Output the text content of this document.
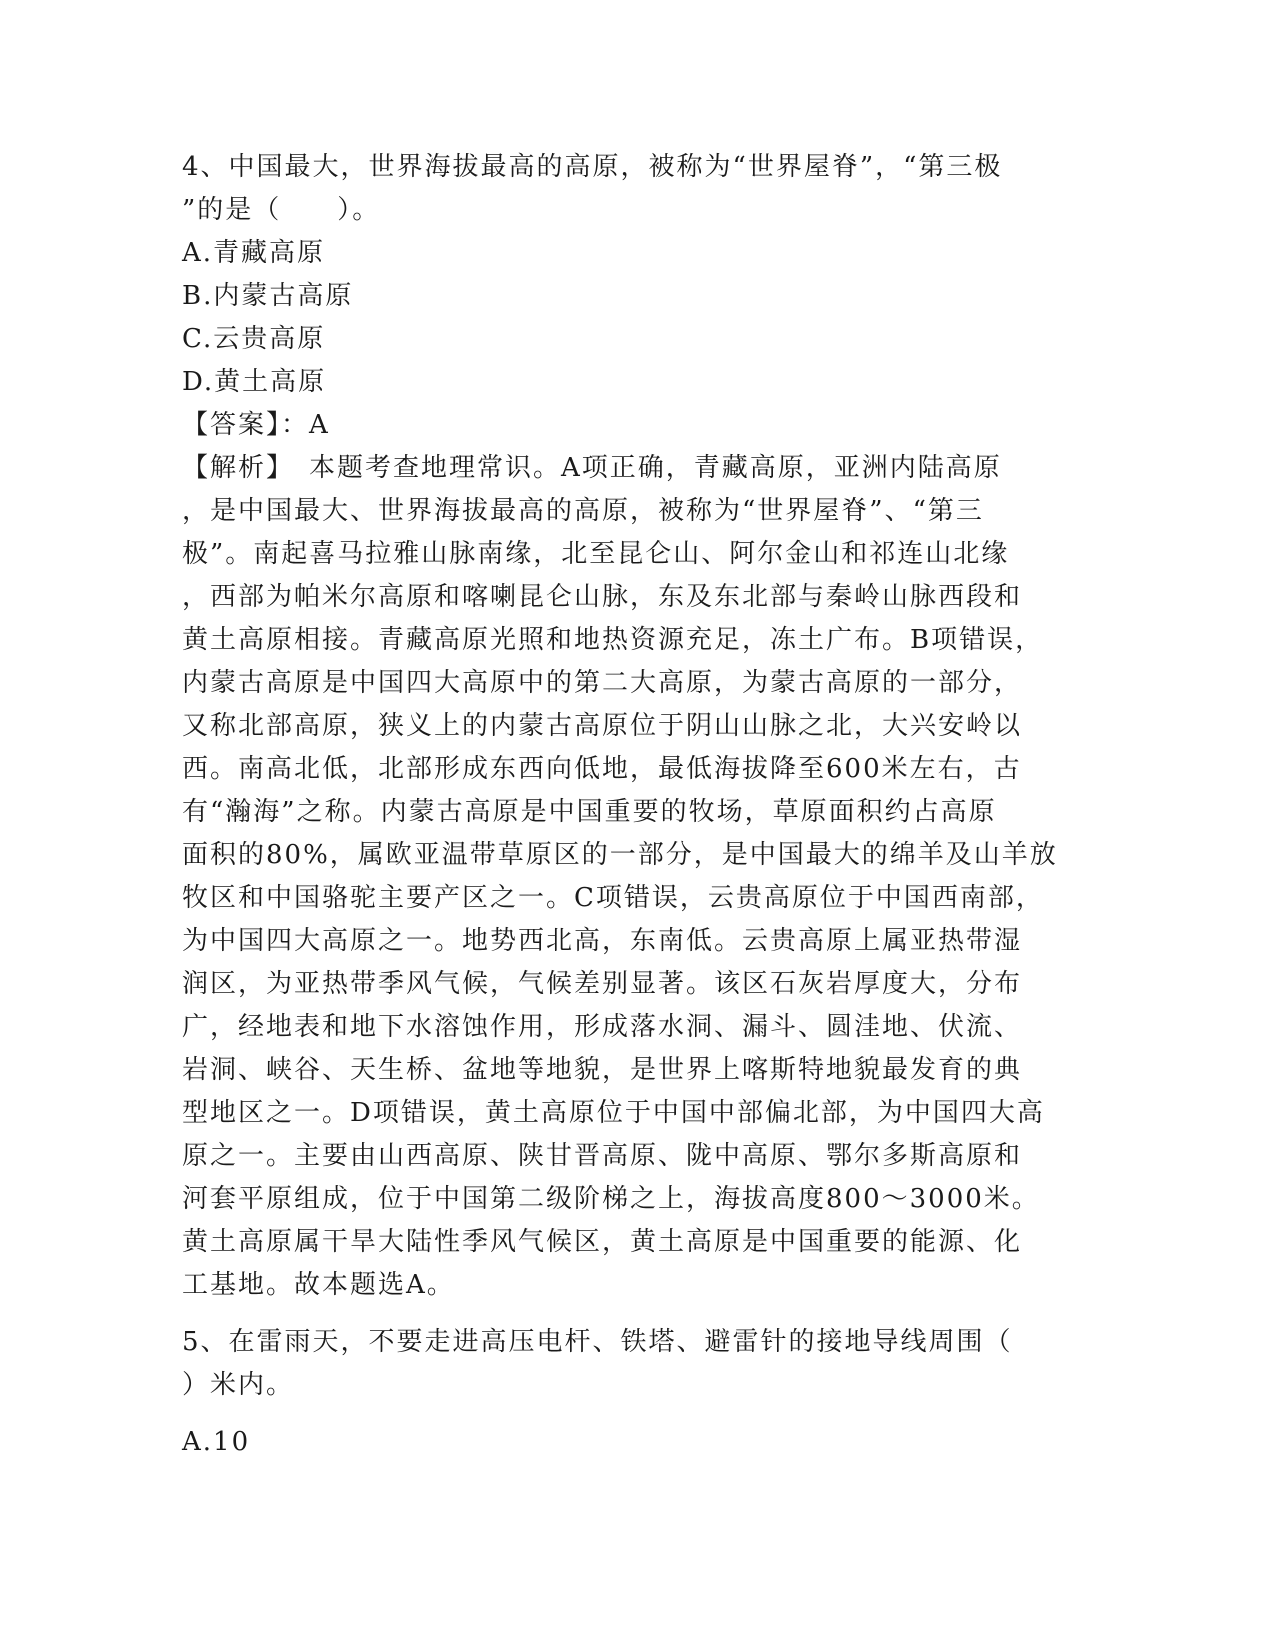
4、中国最大，世界海拔最高的高原，被称为“世界屋脊”，“第三极
”的是（　　）。
A.青藏高原
B.内蒙古高原
C.云贵高原
D.黄土高原
【答案】：A
【解析】　本题考查地理常识。A项正确，青藏高原，亚洲内陆高原
，是中国最大、世界海拔最高的高原，被称为“世界屋脊”、“第三
极”。南起喜马拉雅山脉南缘，北至昆仑山、阿尔金山和祁连山北缘
，西部为帕米尔高原和喀喇昆仑山脉，东及东北部与秦岭山脉西段和
黄土高原相接。青藏高原光照和地热资源充足，冻土广布。B项错误，
内蒙古高原是中国四大高原中的第二大高原，为蒙古高原的一部分，
又称北部高原，狭义上的内蒙古高原位于阴山山脉之北，大兴安岭以
西。南高北低，北部形成东西向低地，最低海拔降至600米左右，古
有“瀚海”之称。内蒙古高原是中国重要的牧场，草原面积约占高原
面积的80%，属欧亚温带草原区的一部分，是中国最大的绵羊及山羊放
牧区和中国骆驼主要产区之一。C项错误，云贵高原位于中国西南部，
为中国四大高原之一。地势西北高，东南低。云贵高原上属亚热带湿
润区，为亚热带季风气候，气候差别显著。该区石灰岩厚度大，分布
广，经地表和地下水溶蚀作用，形成落水洞、漏斗、圆洼地、伏流、
岩洞、峡谷、天生桥、盆地等地貌，是世界上喀斯特地貌最发育的典
型地区之一。D项错误，黄土高原位于中国中部偏北部，为中国四大高
原之一。主要由山西高原、陕甘晋高原、陇中高原、鄂尔多斯高原和
河套平原组成，位于中国第二级阶梯之上，海拔高度800～3000米。
黄土高原属干旱大陆性季风气候区，黄土高原是中国重要的能源、化
工基地。故本题选A。
5、在雷雨天，不要走进高压电杆、铁塔、避雷针的接地导线周围（
）米内。
A.10
